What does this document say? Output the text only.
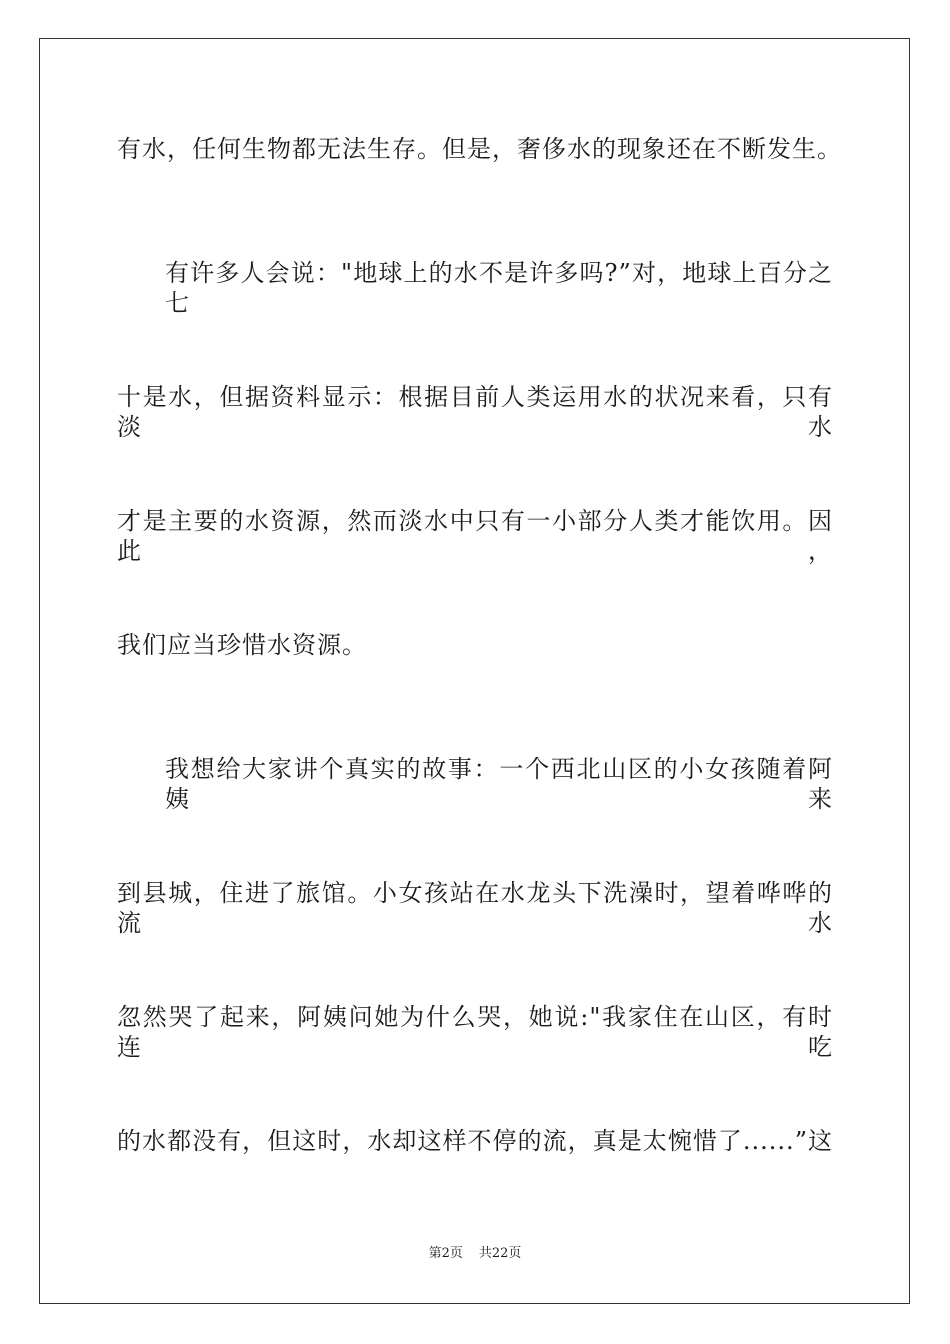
有水，任何生物都无法生存。但是，奢侈水的现象还在不断发生。
有许多人会说："地球上的水不是许多吗?”对，地球上百分之七
十是水，但据资料显示：根据目前人类运用水的状况来看，只有淡水
才是主要的水资源，然而淡水中只有一小部分人类才能饮用。因此，
我们应当珍惜水资源。
我想给大家讲个真实的故事：一个西北山区的小女孩随着阿姨来
到县城，住进了旅馆。小女孩站在水龙头下洗澡时，望着哗哗的流水
忽然哭了起来，阿姨问她为什么哭，她说:"我家住在山区，有时连吃
的水都没有，但这时，水却这样不停的流，真是太惋惜了......”这
第2页 共22页
